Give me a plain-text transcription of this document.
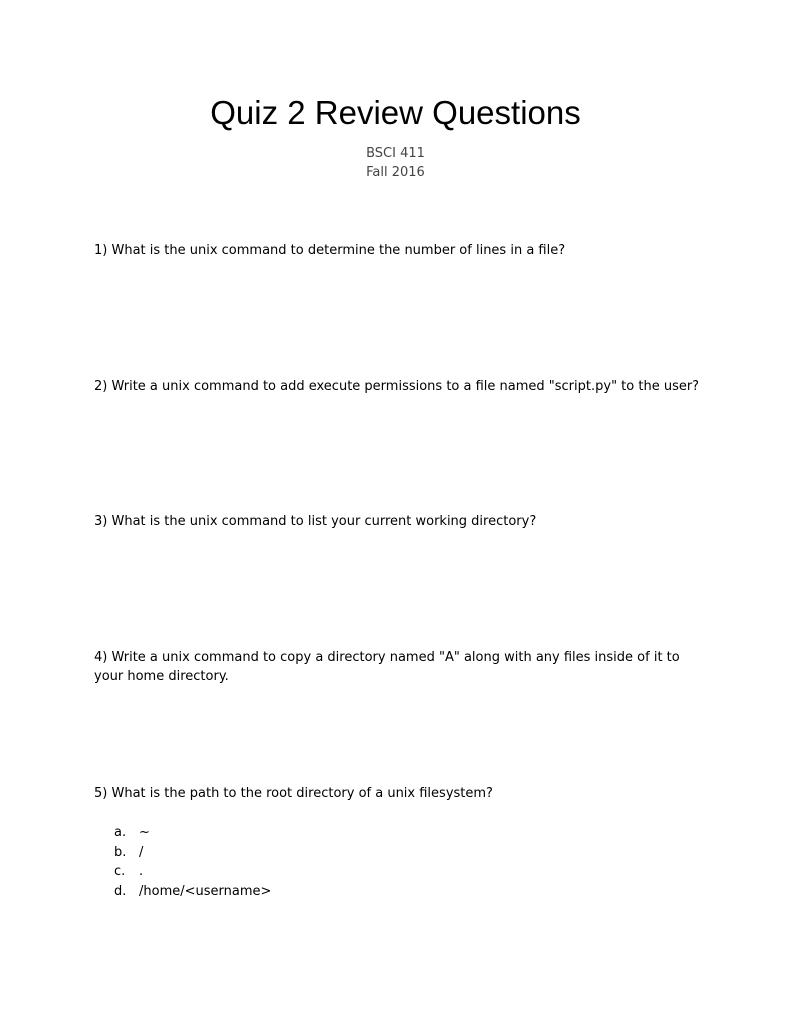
Quiz 2 Review Questions
BSCI 411
Fall 2016
1) What is the unix command to determine the number of lines in a file?
2) Write a unix command to add execute permissions to a file named "script.py" to the user?
3) What is the unix command to list your current working directory?
4) Write a unix command to copy a directory named "A" along with any files inside of it to your home directory.
5) What is the path to the root directory of a unix filesystem?
a. ~
b. /
c.	.
d. /home/<username>
